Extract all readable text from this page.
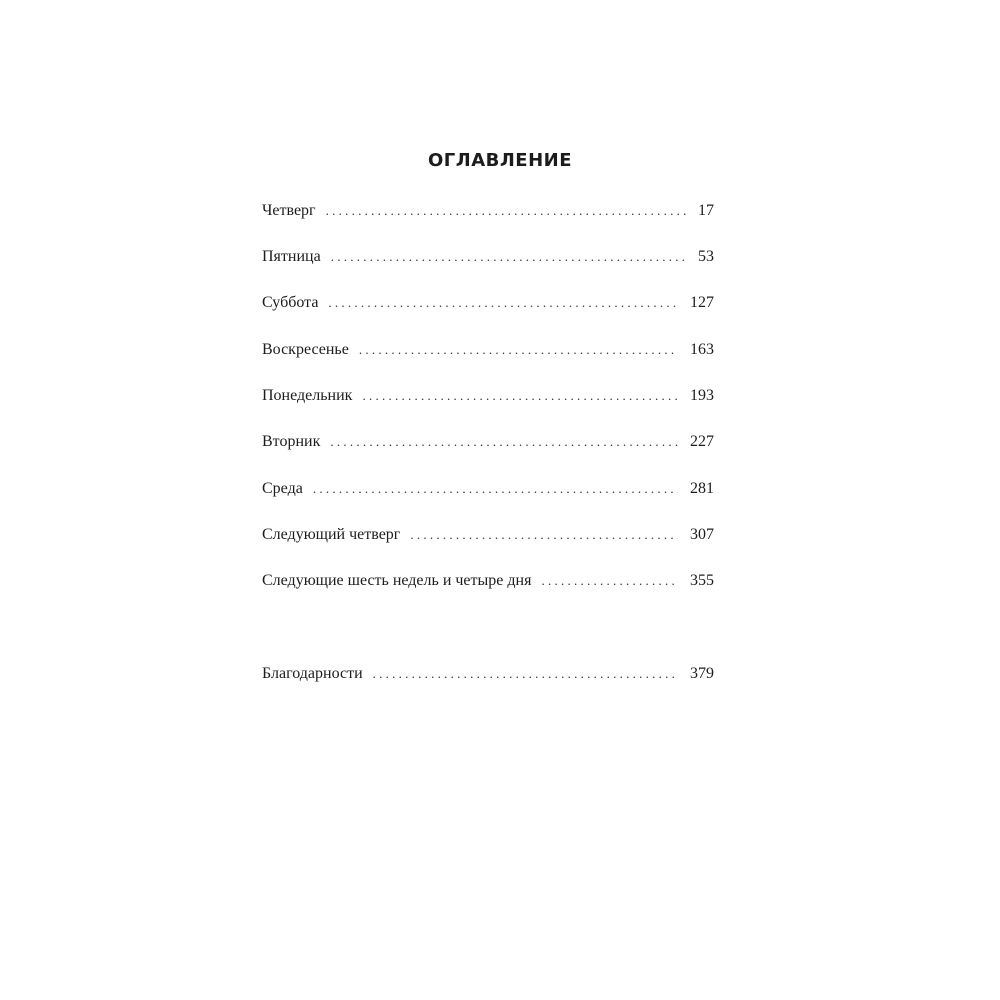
ОГЛАВЛЕНИЕ
Четверг . . .	17
Пятница . . .	53
Суббота . . .	127
Воскресенье . . .	163
Понедельник . . .	193
Вторник . . .	227
Среда . . .	281
Следующий четверг . . .	307
Следующие шесть недель и четыре дня . . .	355
Благодарности . . .	379
